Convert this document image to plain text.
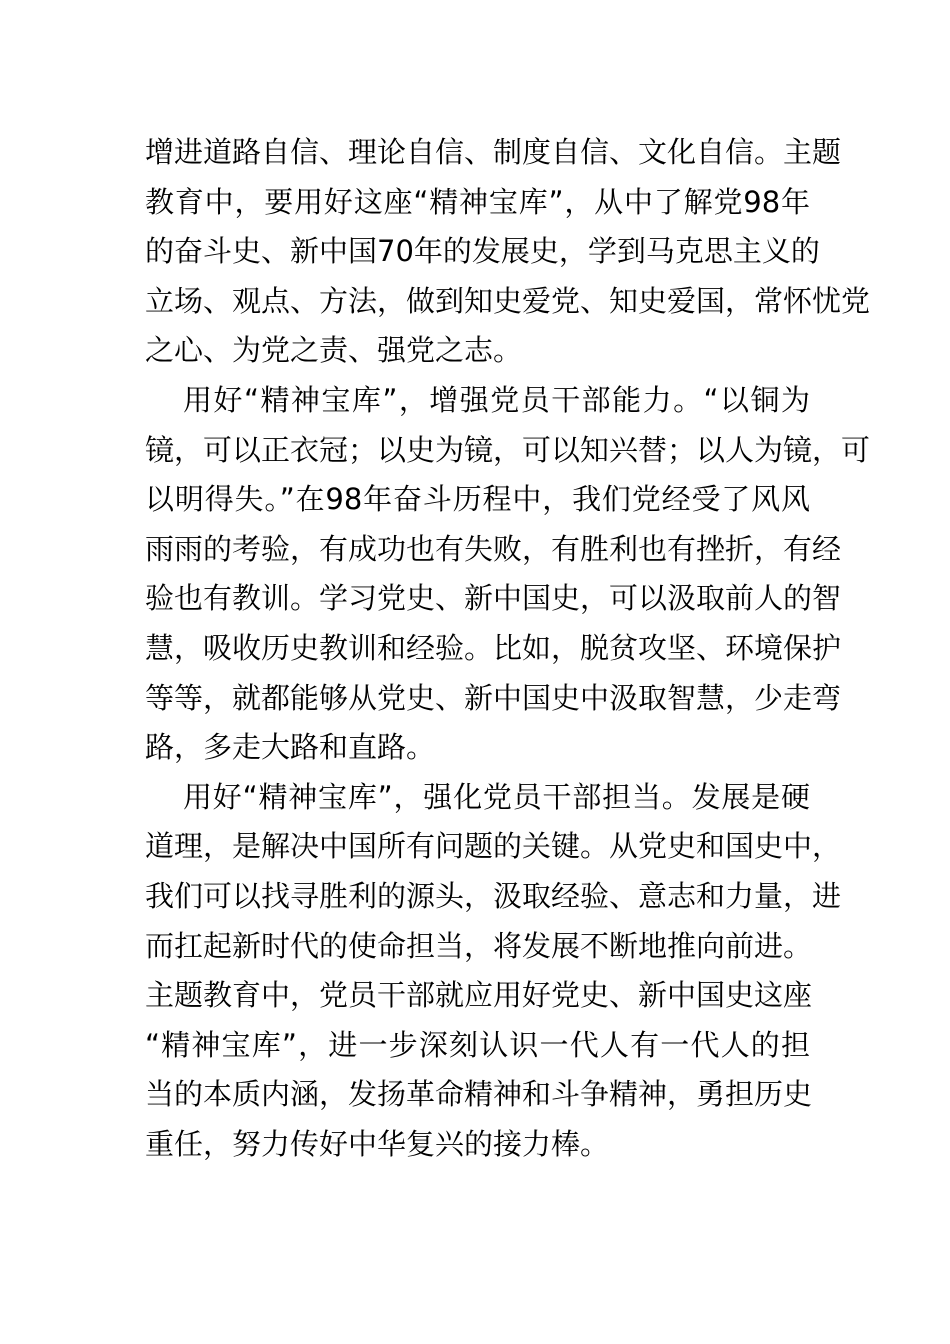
增进道路自信、理论自信、制度自信、文化自信。主题
教育中，要用好这座“精神宝库”，从中了解党98年
的奋斗史、新中国70年的发展史，学到马克思主义的
立场、观点、方法，做到知史爱党、知史爱国，常怀忧党
之心、为党之责、强党之志。
用好“精神宝库”，增强党员干部能力。“以铜为
镜，可以正衣冠；以史为镜，可以知兴替；以人为镜，可
以明得失。”在98年奋斗历程中，我们党经受了风风
雨雨的考验，有成功也有失败，有胜利也有挫折，有经
验也有教训。学习党史、新中国史，可以汲取前人的智
慧，吸收历史教训和经验。比如，脱贫攻坚、环境保护
等等，就都能够从党史、新中国史中汲取智慧，少走弯
路，多走大路和直路。
用好“精神宝库”，强化党员干部担当。发展是硬
道理，是解决中国所有问题的关键。从党史和国史中，
我们可以找寻胜利的源头，汲取经验、意志和力量，进
而扛起新时代的使命担当，将发展不断地推向前进。
主题教育中，党员干部就应用好党史、新中国史这座
“精神宝库”，进一步深刻认识一代人有一代人的担
当的本质内涵，发扬革命精神和斗争精神，勇担历史
重任，努力传好中华复兴的接力棒。
